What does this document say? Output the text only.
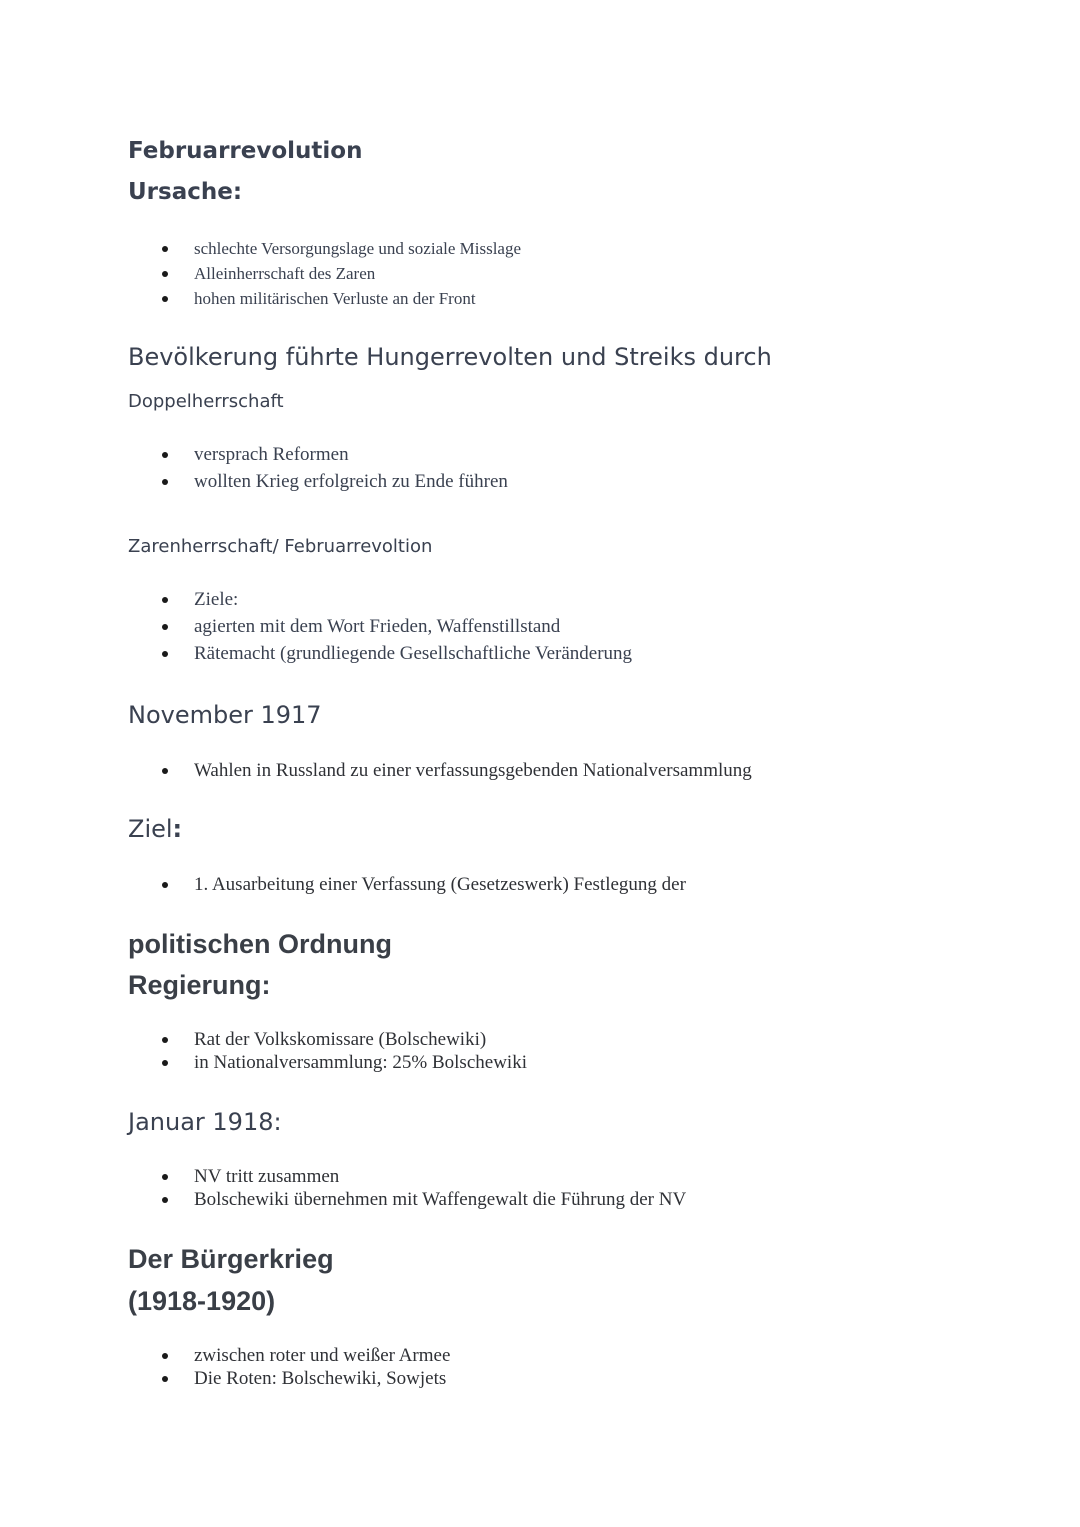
Februarrevolution
Ursache:
schlechte Versorgungslage und soziale Misslage
Alleinherrschaft des Zaren
hohen militärischen Verluste an der Front
Bevölkerung führte Hungerrevolten und Streiks durch
Doppelherrschaft
versprach Reformen
wollten Krieg erfolgreich zu Ende führen
Zarenherrschaft/ Februarrevoltion
Ziele:
agierten mit dem Wort Frieden, Waffenstillstand
Rätemacht (grundliegende Gesellschaftliche Veränderung
November 1917
Wahlen in Russland zu einer verfassungsgebenden Nationalversammlung
Ziel:
1. Ausarbeitung einer Verfassung (Gesetzeswerk) Festlegung der
politischen Ordnung
Regierung:
Rat der Volkskomissare (Bolschewiki)
in Nationalversammlung: 25% Bolschewiki
Januar 1918:
NV tritt zusammen
Bolschewiki übernehmen mit Waffengewalt die Führung der NV
Der Bürgerkrieg
(1918-1920)
zwischen roter und weißer Armee
Die Roten: Bolschewiki, Sowjets
